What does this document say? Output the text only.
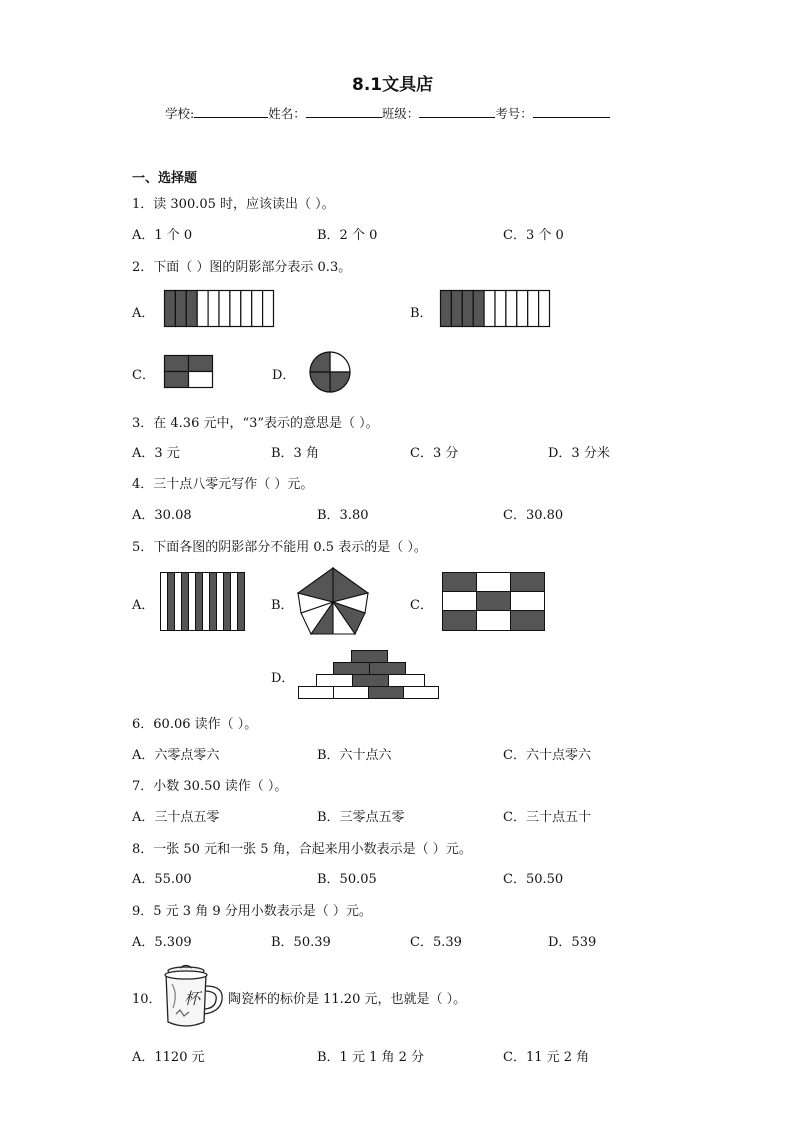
8.1文具店
学校:	姓名：	班级：	考号：
一、选择题
1．读 300.05 时，应该读出（ ）。
A．1 个 0	B．2 个 0	C．3 个 0
2．下面（ ）图的阴影部分表示 0.3。
A．	B．
C．	D．
3．在 4.36 元中，“3”表示的意思是（ ）。
A．3 元	B．3 角	C．3 分	D．3 分米
4．三十点八零元写作（ ）元。
A．30.08	B．3.80	C．30.80
5．下面各图的阴影部分不能用 0.5 表示的是（ ）。
A．	B．	C．
D．
6．60.06 读作（ ）。
A．六零点零六	B．六十点六	C．六十点零六
7．小数 30.50 读作（ ）。
A．三十点五零	B．三零点五零	C．三十点五十
8．一张 50 元和一张 5 角，合起来用小数表示是（ ）元。
A．55.00	B．50.05	C．50.50
9．5 元 3 角 9 分用小数表示是（ ）元。
A．5.309	B．50.39	C．5.39	D．539
10． 杯 陶瓷杯的标价是 11.20 元，也就是（ ）。
A．1120 元	B．1 元 1 角 2 分	C．11 元 2 角
